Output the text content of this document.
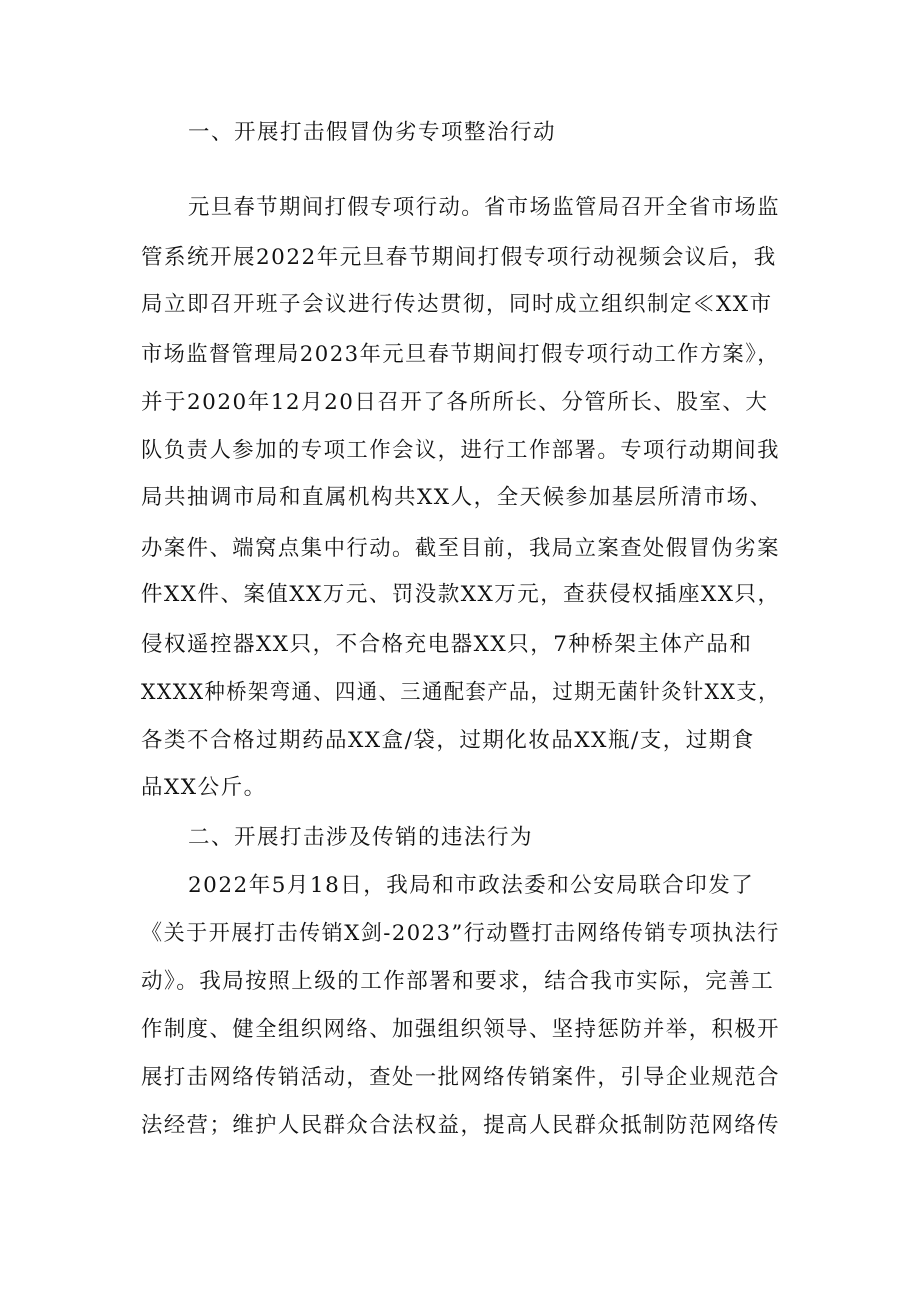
一、开展打击假冒伪劣专项整治行动
元旦春节期间打假专项行动。省市场监管局召开全省市场监
管系统开展2022年元旦春节期间打假专项行动视频会议后，我
局立即召开班子会议进行传达贯彻，同时成立组织制定≪XX市
市场监督管理局2023年元旦春节期间打假专项行动工作方案》，
并于2020年12月20日召开了各所所长、分管所长、股室、大
队负责人参加的专项工作会议，进行工作部署。专项行动期间我
局共抽调市局和直属机构共XX人，全天候参加基层所清市场、
办案件、端窝点集中行动。截至目前，我局立案查处假冒伪劣案
件XX件、案值XX万元、罚没款XX万元，查获侵权插座XX只，
侵权遥控器XX只，不合格充电器XX只，7种桥架主体产品和
XXXX种桥架弯通、四通、三通配套产品，过期无菌针灸针XX支，
各类不合格过期药品XX盒/袋，过期化妆品XX瓶/支，过期食
品XX公斤。
二、开展打击涉及传销的违法行为
2022年5月18日，我局和市政法委和公安局联合印发了
《关于开展打击传销X剑-2023”行动暨打击网络传销专项执法行
动》。我局按照上级的工作部署和要求，结合我市实际，完善工
作制度、健全组织网络、加强组织领导、坚持惩防并举，积极开
展打击网络传销活动，查处一批网络传销案件，引导企业规范合
法经营；维护人民群众合法权益，提高人民群众抵制防范网络传
